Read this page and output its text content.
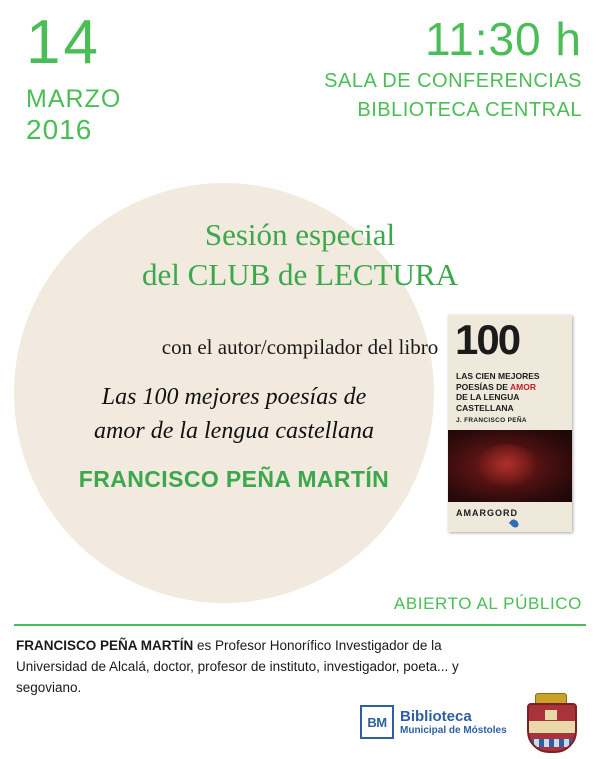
14
MARZO
2016
11:30 h
SALA DE CONFERENCIAS
BIBLIOTECA CENTRAL
Sesión especial
del CLUB de LECTURA
con el autor/compilador del libro
Las 100 mejores poesías de
amor de la lengua castellana
FRANCISCO PEÑA MARTÍN
100
LAS CIEN MEJORES
POESÍAS DE AMOR
DE LA LENGUA
CASTELLANA
J. FRANCISCO PEÑA
AMARGORD
ABIERTO AL PÚBLICO
FRANCISCO PEÑA MARTÍN es Profesor Honorífico Investigador de la Universidad de Alcalá, doctor, profesor de instituto, investigador, poeta... y segoviano.
BM Biblioteca
Municipal de Móstoles
